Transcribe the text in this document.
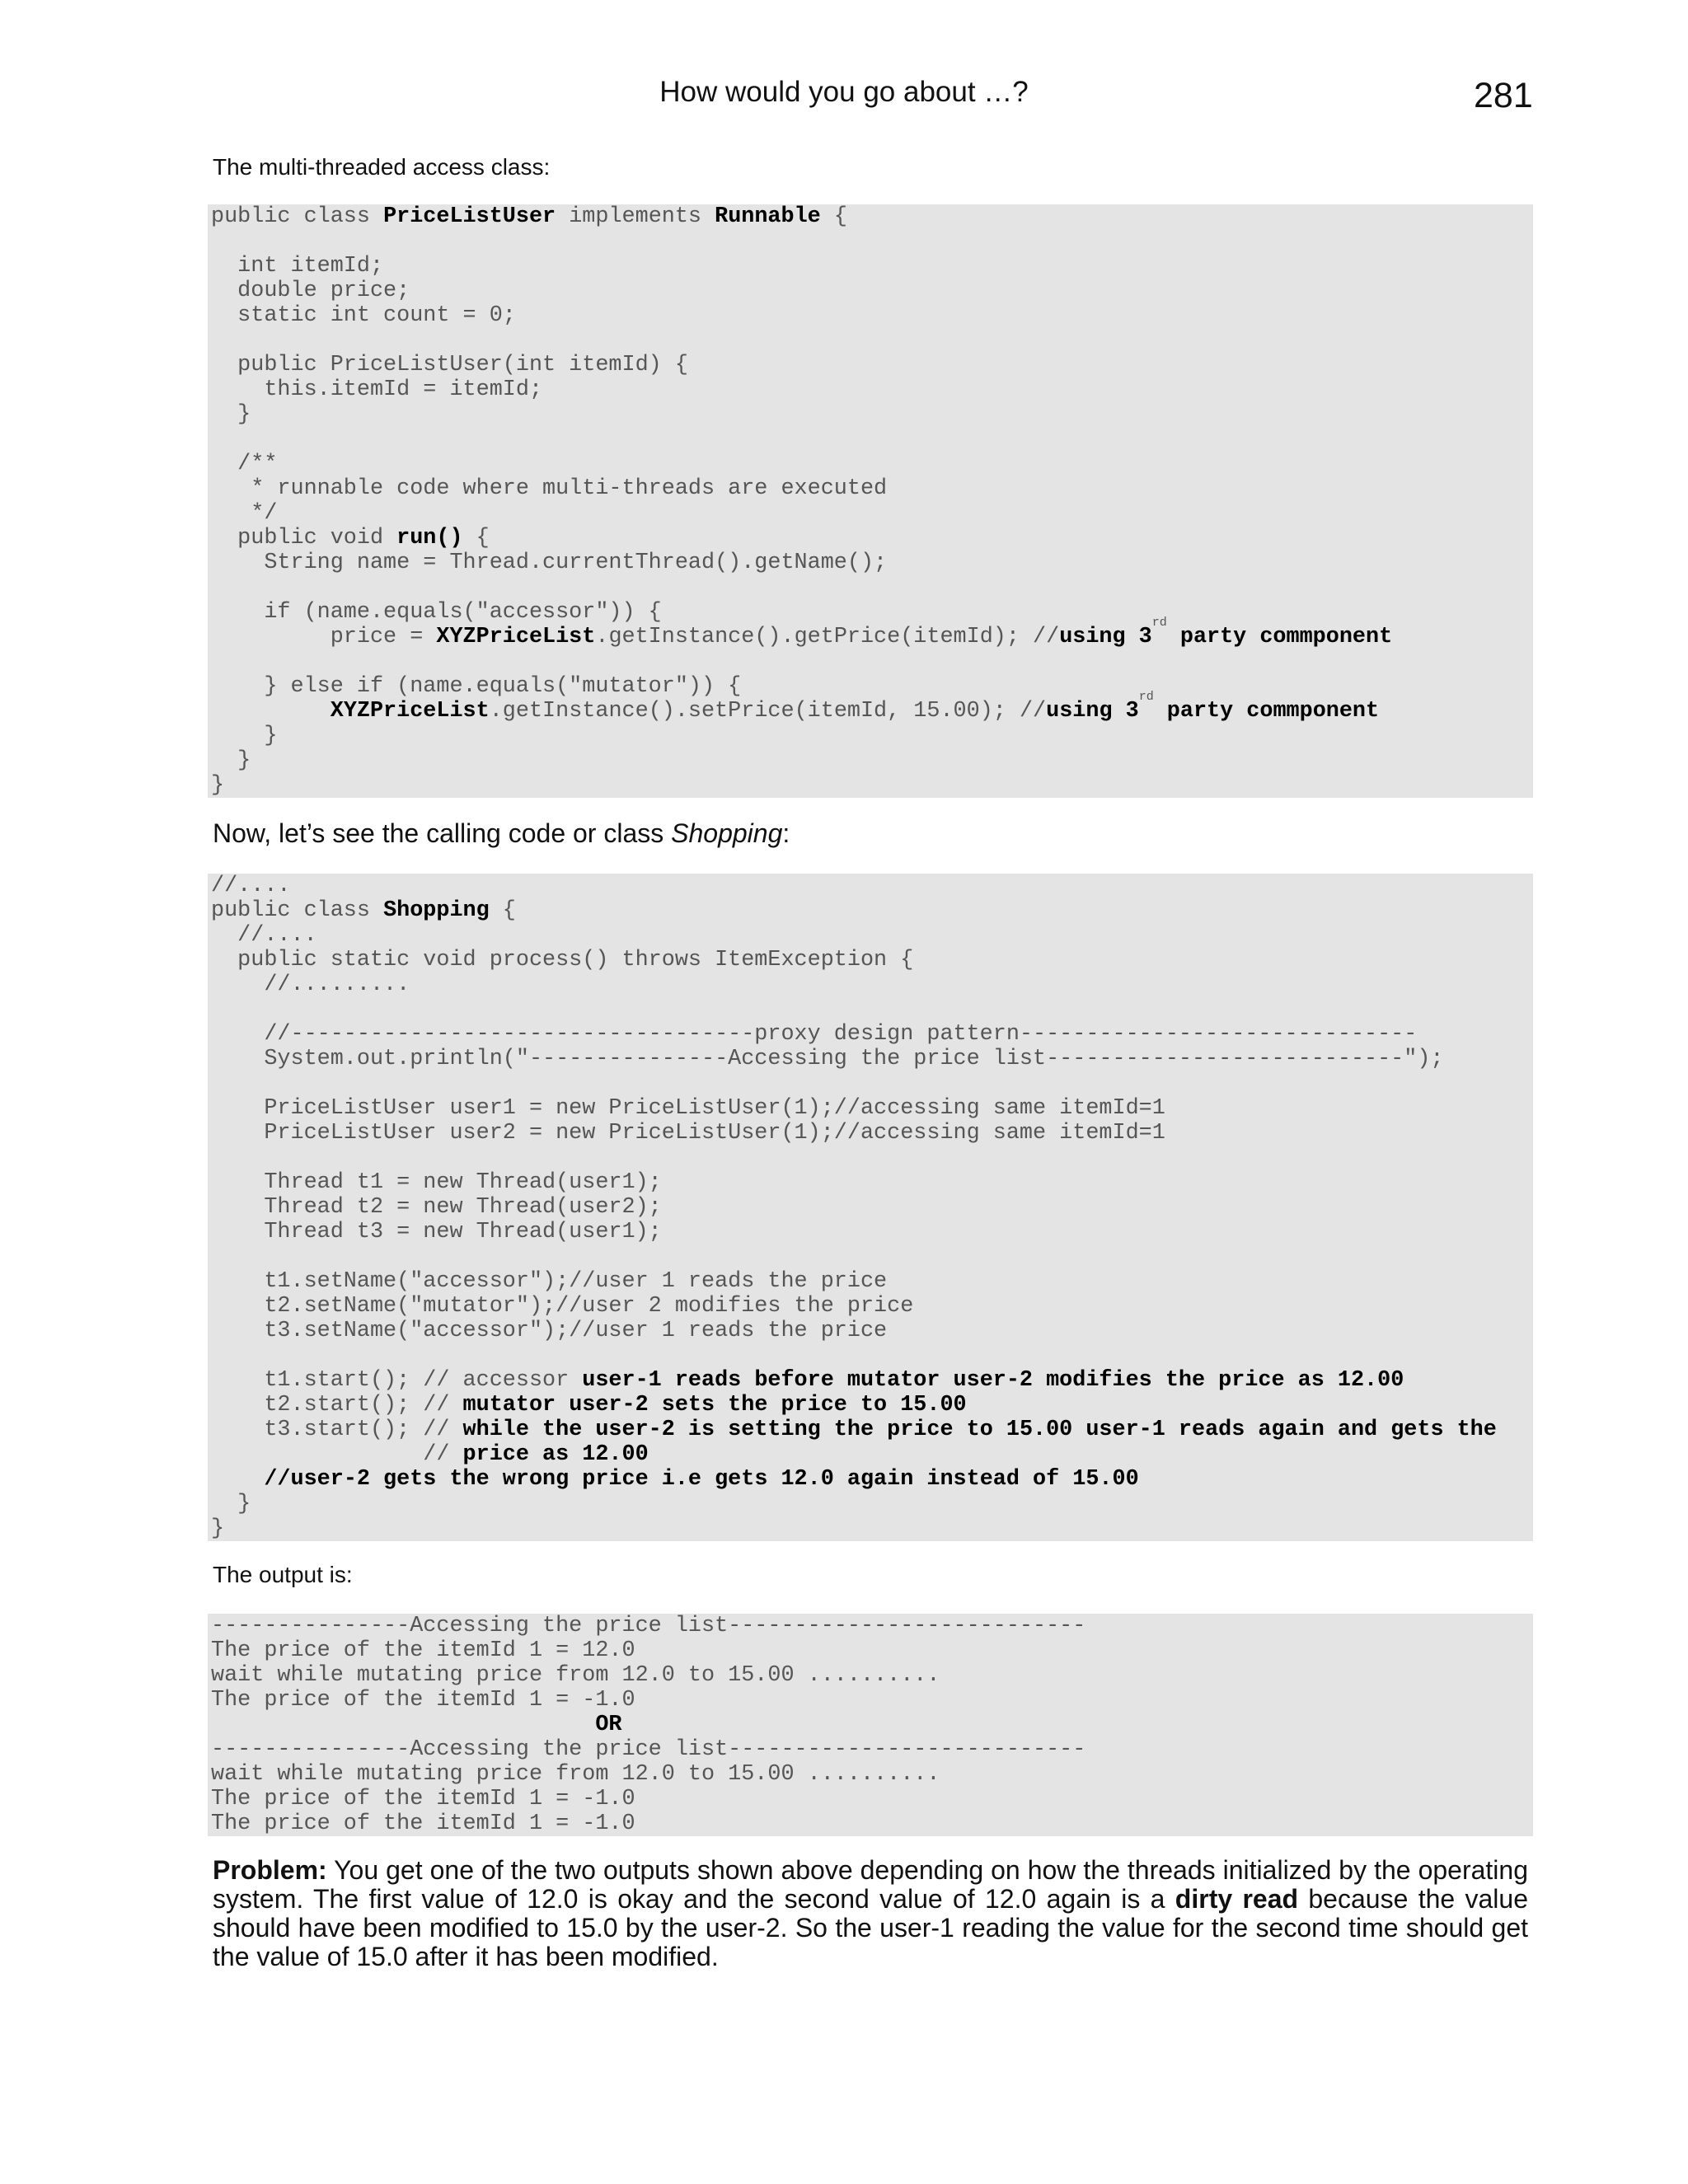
How would you go about …?	281
The multi-threaded access class:
public class PriceListUser implements Runnable {
int itemId;
double price;
static int count = 0;
public PriceListUser(int itemId) {
this.itemId = itemId;
}
/**
* runnable code where multi-threads are executed
*/
public void run() {
String name = Thread.currentThread().getName();
if (name.equals("accessor")) {
price = XYZPriceList.getInstance().getPrice(itemId); //using 3rd party commponent
} else if (name.equals("mutator")) {
XYZPriceList.getInstance().setPrice(itemId, 15.00); //using 3rd party commponent
}
}
}
Now, let’s see the calling code or class Shopping:
//....
public class Shopping {
//....
public static void process() throws ItemException {
//.........
//-----------------------------------proxy design pattern------------------------------
System.out.println("---------------Accessing the price list---------------------------");
PriceListUser user1 = new PriceListUser(1);//accessing same itemId=1
PriceListUser user2 = new PriceListUser(1);//accessing same itemId=1
Thread t1 = new Thread(user1);
Thread t2 = new Thread(user2);
Thread t3 = new Thread(user1);
t1.setName("accessor");//user 1 reads the price
t2.setName("mutator");//user 2 modifies the price
t3.setName("accessor");//user 1 reads the price
t1.start(); // accessor user-1 reads before mutator user-2 modifies the price as 12.00
t2.start(); // mutator user-2 sets the price to 15.00
t3.start(); // while the user-2 is setting the price to 15.00 user-1 reads again and gets the
// price as 12.00
//user-2 gets the wrong price i.e gets 12.0 again instead of 15.00
}
}
The output is:
---------------Accessing the price list---------------------------
The price of the itemId 1 = 12.0
wait while mutating price from 12.0 to 15.00 ..........
The price of the itemId 1 = -1.0
OR
---------------Accessing the price list---------------------------
wait while mutating price from 12.0 to 15.00 ..........
The price of the itemId 1 = -1.0
The price of the itemId 1 = -1.0
Problem: You get one of the two outputs shown above depending on how the threads initialized by the operating system. The first value of 12.0 is okay and the second value of 12.0 again is a dirty read because the value should have been modified to 15.0 by the user-2. So the user-1 reading the value for the second time should get the value of 15.0 after it has been modified.
